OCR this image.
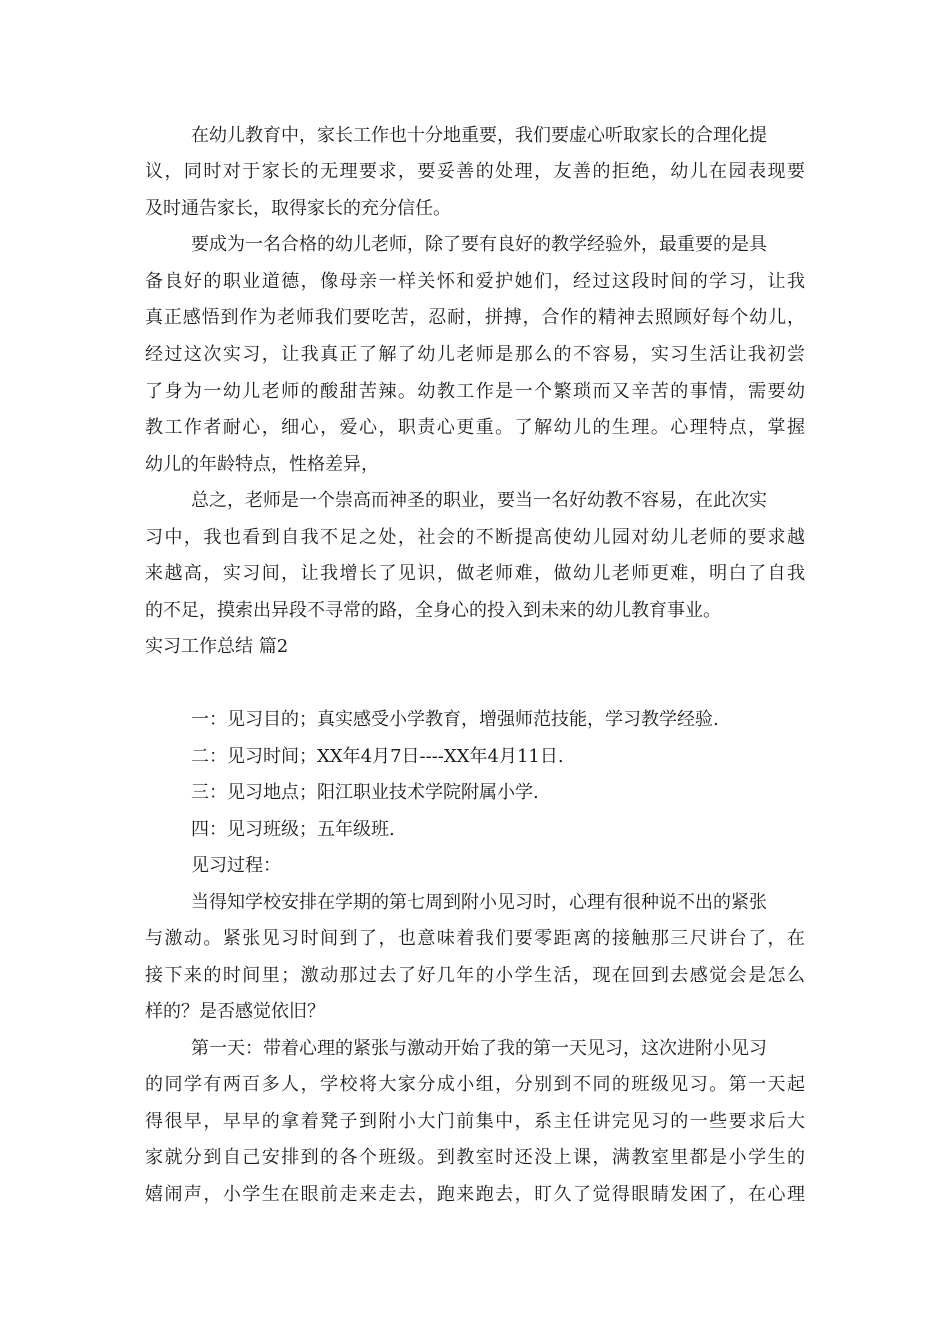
在幼儿教育中，家长工作也十分地重要，我们要虚心听取家长的合理化提
议，同时对于家长的无理要求，要妥善的处理，友善的拒绝，幼儿在园表现要
及时通告家长，取得家长的充分信任。
要成为一名合格的幼儿老师，除了要有良好的教学经验外，最重要的是具
备良好的职业道德，像母亲一样关怀和爱护她们，经过这段时间的学习，让我
真正感悟到作为老师我们要吃苦，忍耐，拼搏，合作的精神去照顾好每个幼儿，
经过这次实习，让我真正了解了幼儿老师是那么的不容易，实习生活让我初尝
了身为一幼儿老师的酸甜苦辣。幼教工作是一个繁琐而又辛苦的事情，需要幼
教工作者耐心，细心，爱心，职责心更重。了解幼儿的生理。心理特点，掌握
幼儿的年龄特点，性格差异，
总之，老师是一个崇高而神圣的职业，要当一名好幼教不容易，在此次实
习中，我也看到自我不足之处，社会的不断提高使幼儿园对幼儿老师的要求越
来越高，实习间，让我增长了见识，做老师难，做幼儿老师更难，明白了自我
的不足，摸索出异段不寻常的路，全身心的投入到未来的幼儿教育事业。
实习工作总结 篇2
一：见习目的；真实感受小学教育，增强师范技能，学习教学经验.
二：见习时间；XX年4月7日----XX年4月11日.
三：见习地点；阳江职业技术学院附属小学.
四：见习班级；五年级班.
见习过程：
当得知学校安排在学期的第七周到附小见习时，心理有很种说不出的紧张
与激动。紧张见习时间到了，也意味着我们要零距离的接触那三尺讲台了，在
接下来的时间里；激动那过去了好几年的小学生活，现在回到去感觉会是怎么
样的？是否感觉依旧？
第一天：带着心理的紧张与激动开始了我的第一天见习，这次进附小见习
的同学有两百多人，学校将大家分成小组，分别到不同的班级见习。第一天起
得很早，早早的拿着凳子到附小大门前集中，系主任讲完见习的一些要求后大
家就分到自己安排到的各个班级。到教室时还没上课，满教室里都是小学生的
嬉闹声，小学生在眼前走来走去，跑来跑去，盯久了觉得眼睛发困了，在心理
